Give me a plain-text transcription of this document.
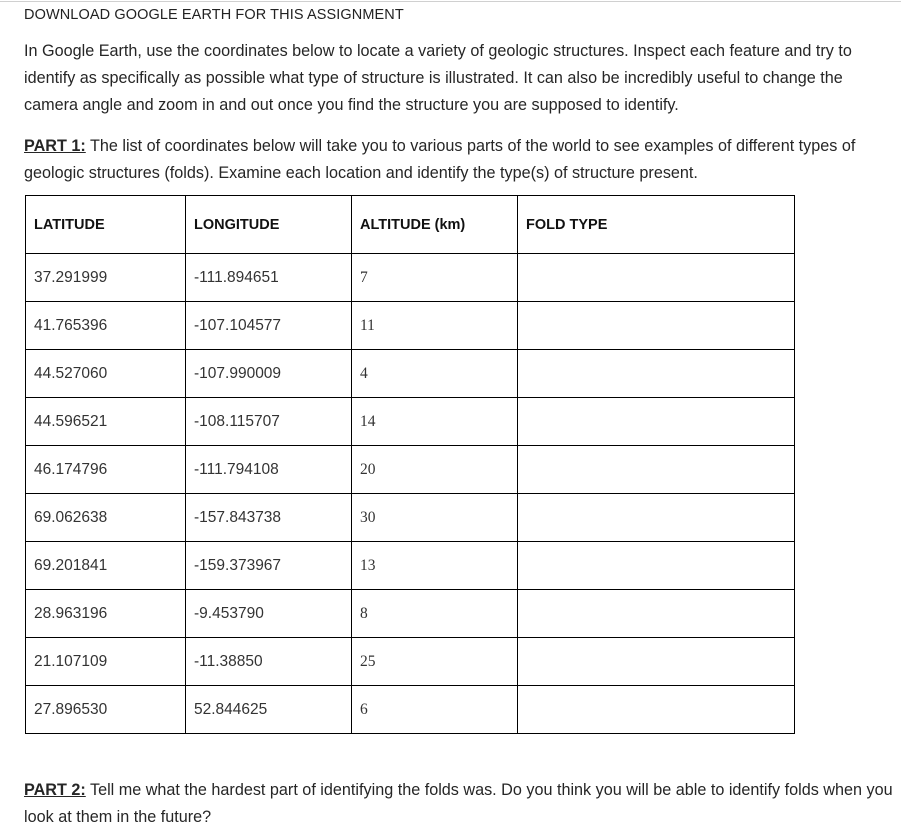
DOWNLOAD GOOGLE EARTH FOR THIS ASSIGNMENT
In Google Earth, use the coordinates below to locate a variety of geologic structures. Inspect each feature and try to identify as specifically as possible what type of structure is illustrated. It can also be incredibly useful to change the camera angle and zoom in and out once you find the structure you are supposed to identify.
PART 1: The list of coordinates below will take you to various parts of the world to see examples of different types of geologic structures (folds). Examine each location and identify the type(s) of structure present.
LATITUDE	LONGITUDE	ALTITUDE (km)	FOLD TYPE
37.291999	-111.894651	7	
41.765396	-107.104577	11	
44.527060	-107.990009	4	
44.596521	-108.115707	14	
46.174796	-111.794108	20	
69.062638	-157.843738	30	
69.201841	-159.373967	13	
28.963196	-9.453790	8	
21.107109	-11.38850	25	
27.896530	52.844625	6	
PART 2: Tell me what the hardest part of identifying the folds was. Do you think you will be able to identify folds when you look at them in the future?
